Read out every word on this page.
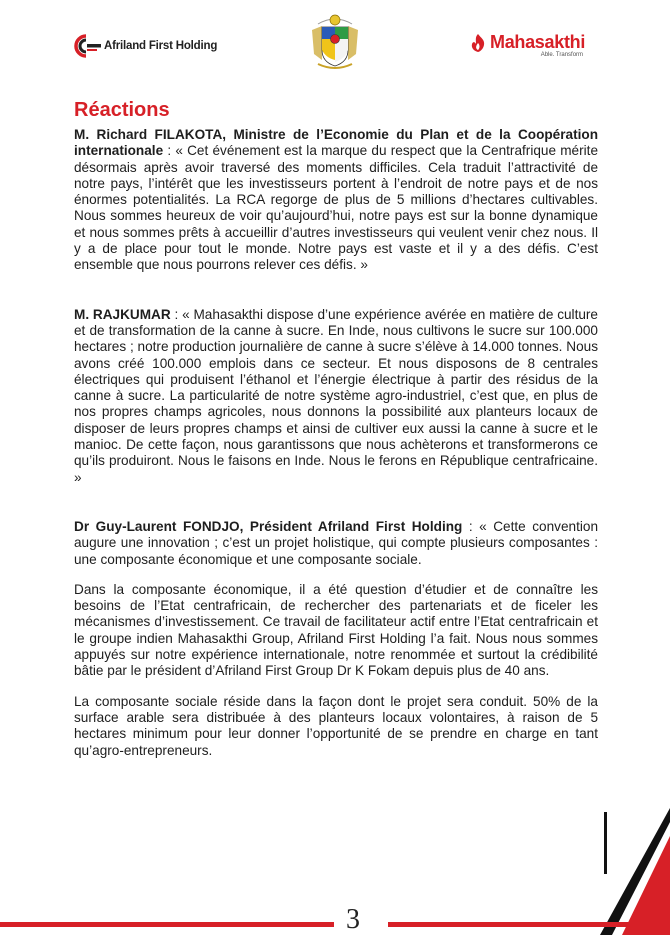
Afriland First Holding	Mahasakthi
Able. Transform
Réactions

M. Richard FILAKOTA, Ministre de l’Economie du Plan et de la Coopération internationale : « Cet événement est la marque du respect que la Centrafrique mérite désormais après avoir traversé des moments difficiles. Cela traduit l’attractivité de notre pays, l’intérêt que les investisseurs portent à l’endroit de notre pays et de nos énormes potentialités. La RCA regorge de plus de 5 millions d’hectares cultivables. Nous sommes heureux de voir qu’aujourd’hui, notre pays est sur la bonne dynamique et nous sommes prêts à accueillir d’autres investisseurs qui veulent venir chez nous. Il y a de place pour tout le monde. Notre pays est vaste et il y a des défis. C’est ensemble que nous pourrons relever ces défis. »

M. RAJKUMAR : « Mahasakthi dispose d’une expérience avérée en matière de culture et de transformation de la canne à sucre. En Inde, nous cultivons le sucre sur 100.000 hectares ; notre production journalière de canne à sucre s’élève à 14.000 tonnes. Nous avons créé 100.000 emplois dans ce secteur. Et nous disposons de 8 centrales électriques qui produisent l’éthanol et l’énergie électrique à partir des résidus de la canne à sucre. La particularité de notre système agro-industriel, c’est que, en plus de nos propres champs agricoles, nous donnons la possibilité aux planteurs locaux de disposer de leurs propres champs et ainsi de cultiver eux aussi la canne à sucre et le manioc. De cette façon, nous garantissons que nous achèterons et transformerons ce qu’ils produiront. Nous le faisons en Inde. Nous le ferons en République centrafricaine. »

Dr Guy-Laurent FONDJO, Président Afriland First Holding : « Cette convention augure une innovation ; c’est un projet holistique, qui compte plusieurs composantes : une composante économique et une composante sociale.

Dans la composante économique, il a été question d’étudier et de connaître les besoins de l’Etat centrafricain, de rechercher des partenariats et de ficeler les mécanismes d’investissement. Ce travail de facilitateur actif entre l’Etat centrafricain et le groupe indien Mahasakthi Group, Afriland First Holding l’a fait. Nous nous sommes appuyés sur notre expérience internationale, notre renommée et surtout la crédibilité bâtie par le président d’Afriland First Group Dr K Fokam depuis plus de 40 ans.

La composante sociale réside dans la façon dont le projet sera conduit. 50% de la surface arable sera distribuée à des planteurs locaux volontaires, à raison de 5 hectares minimum pour leur donner l’opportunité de se prendre en charge en tant qu’agro-entrepreneurs.

3
